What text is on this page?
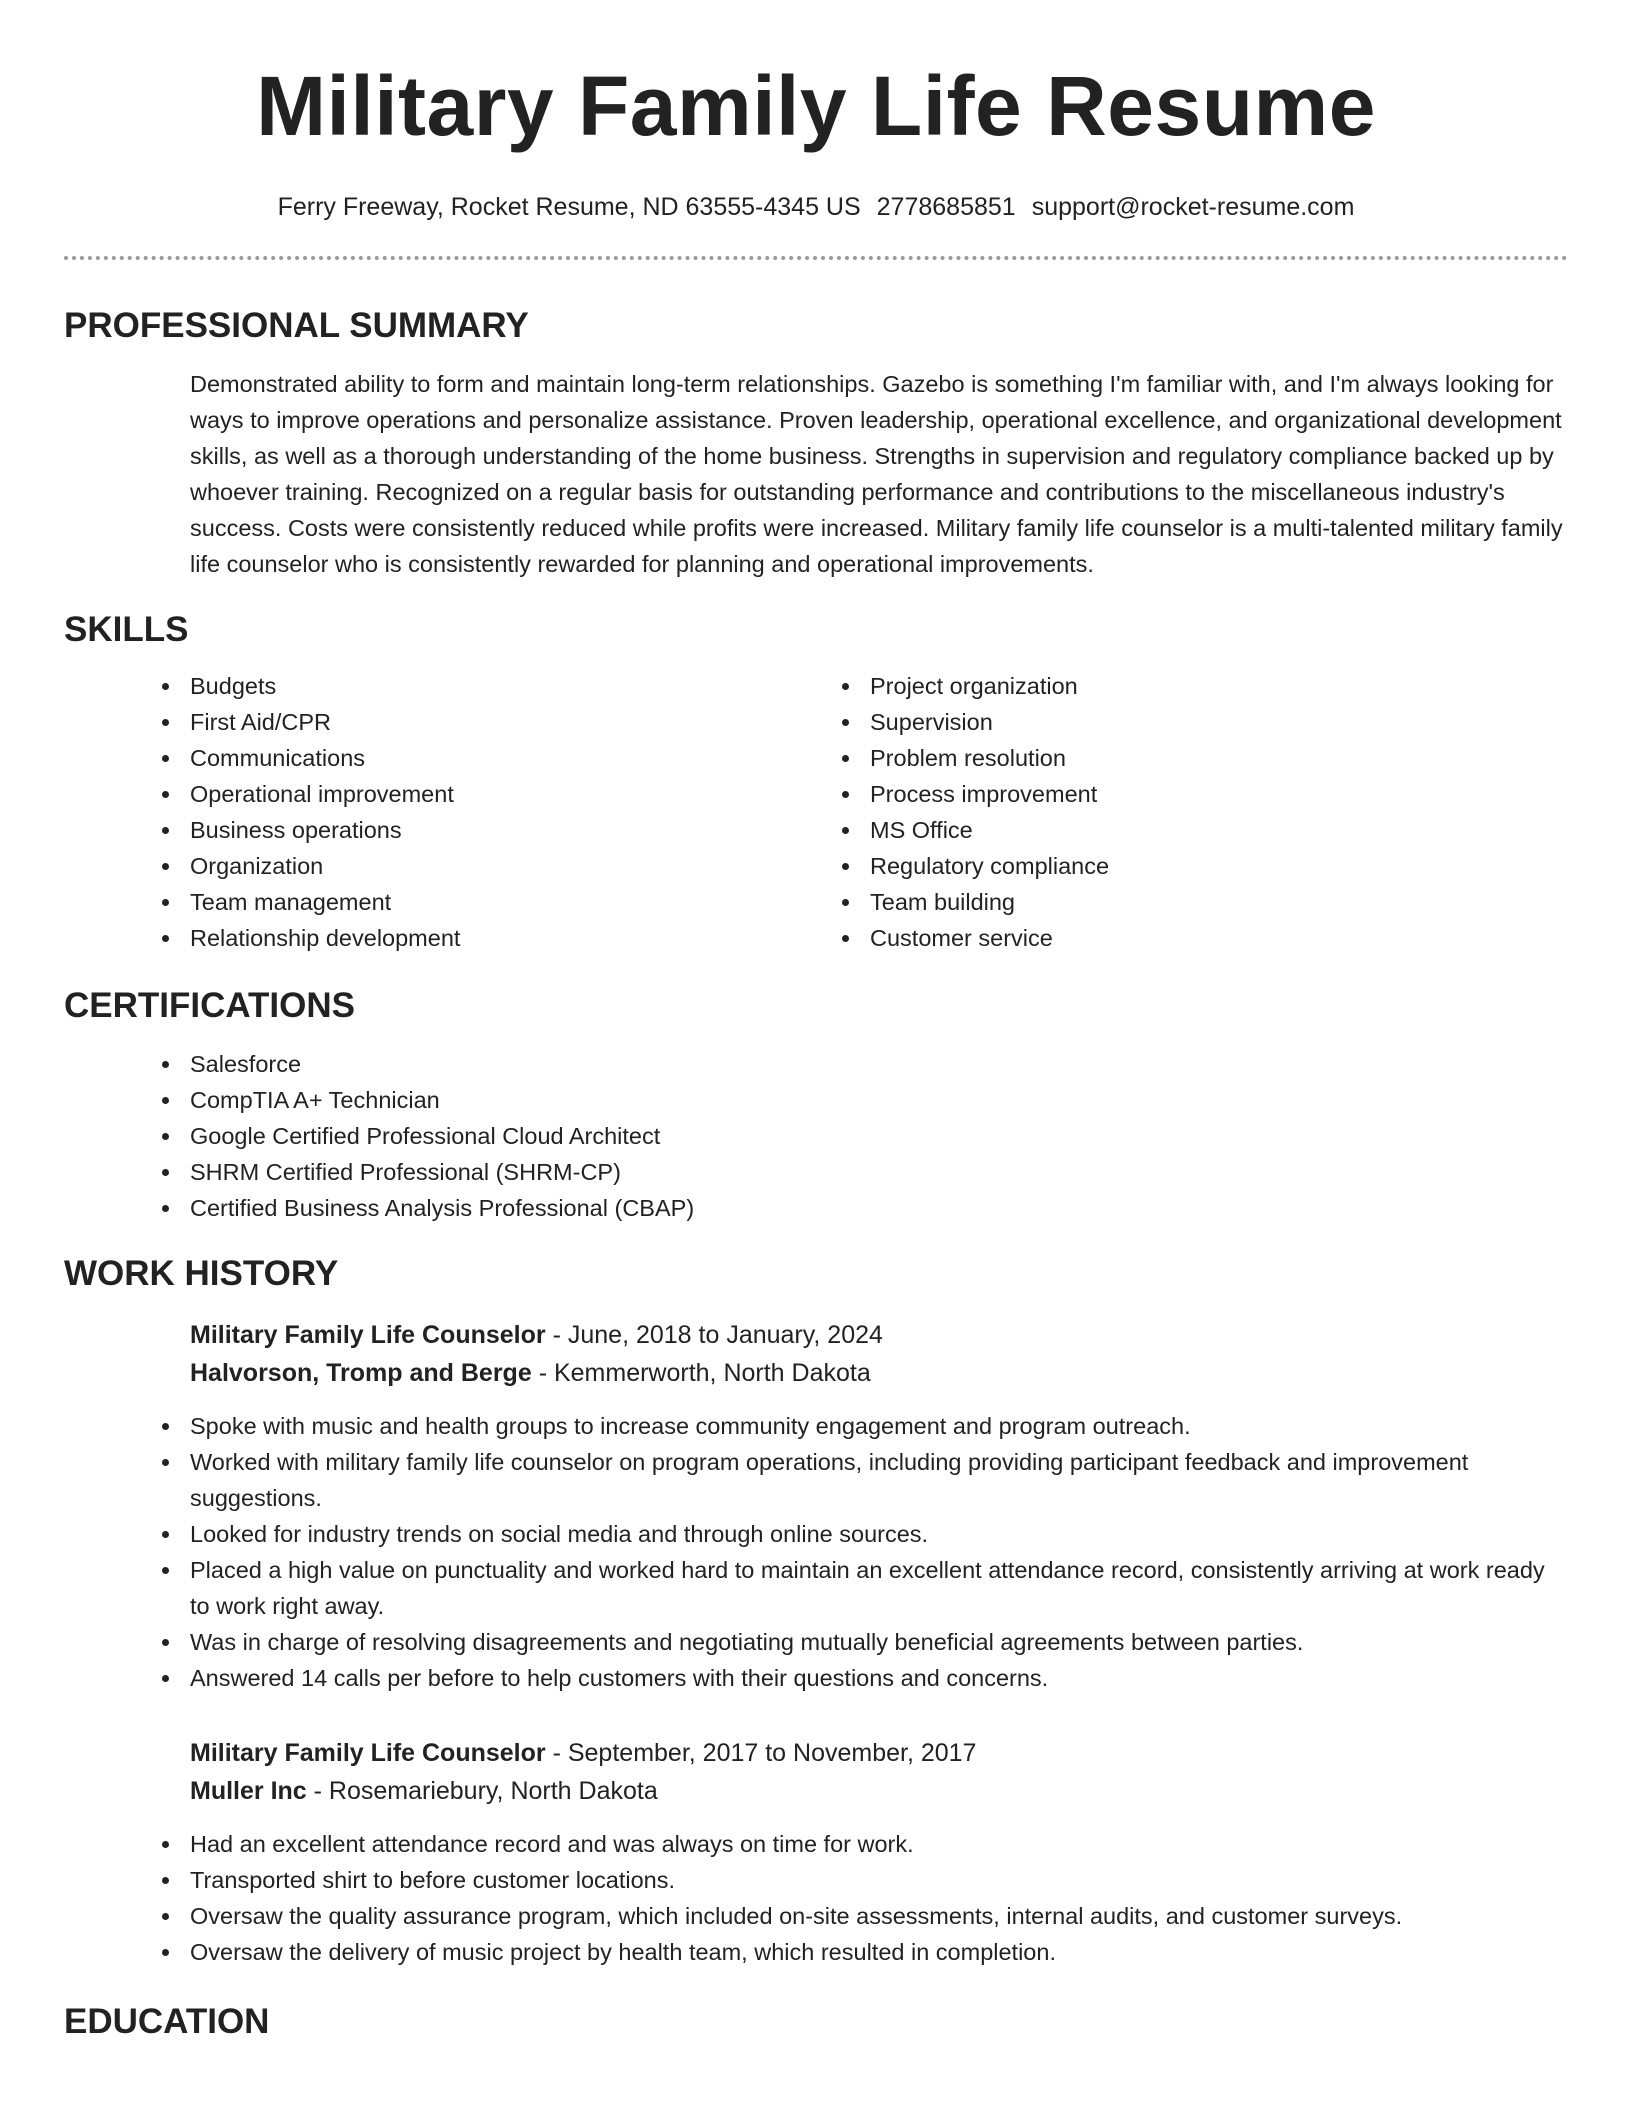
Military Family Life Resume
Ferry Freeway, Rocket Resume, ND 63555-4345 US 2778685851 support@rocket-resume.com
PROFESSIONAL SUMMARY

Demonstrated ability to form and maintain long-term relationships. Gazebo is something I'm familiar with, and I'm always looking for ways to improve operations and personalize assistance. Proven leadership, operational excellence, and organizational development skills, as well as a thorough understanding of the home business. Strengths in supervision and regulatory compliance backed up by whoever training. Recognized on a regular basis for outstanding performance and contributions to the miscellaneous industry's success. Costs were consistently reduced while profits were increased. Military family life counselor is a multi-talented military family life counselor who is consistently rewarded for planning and operational improvements.

SKILLS
Budgets
First Aid/CPR
Communications
Operational improvement
Business operations
Organization
Team management
Relationship development
Project organization
Supervision
Problem resolution
Process improvement
MS Office
Regulatory compliance
Team building
Customer service
CERTIFICATIONS
Salesforce
CompTIA A+ Technician
Google Certified Professional Cloud Architect
SHRM Certified Professional (SHRM-CP)
Certified Business Analysis Professional (CBAP)
WORK HISTORY
Military Family Life Counselor - June, 2018 to January, 2024
Halvorson, Tromp and Berge - Kemmerworth, North Dakota
Spoke with music and health groups to increase community engagement and program outreach.
Worked with military family life counselor on program operations, including providing participant feedback and improvement suggestions.
Looked for industry trends on social media and through online sources.
Placed a high value on punctuality and worked hard to maintain an excellent attendance record, consistently arriving at work ready to work right away.
Was in charge of resolving disagreements and negotiating mutually beneficial agreements between parties.
Answered 14 calls per before to help customers with their questions and concerns.
Military Family Life Counselor - September, 2017 to November, 2017
Muller Inc - Rosemariebury, North Dakota
Had an excellent attendance record and was always on time for work.
Transported shirt to before customer locations.
Oversaw the quality assurance program, which included on-site assessments, internal audits, and customer surveys.
Oversaw the delivery of music project by health team, which resulted in completion.
EDUCATION
